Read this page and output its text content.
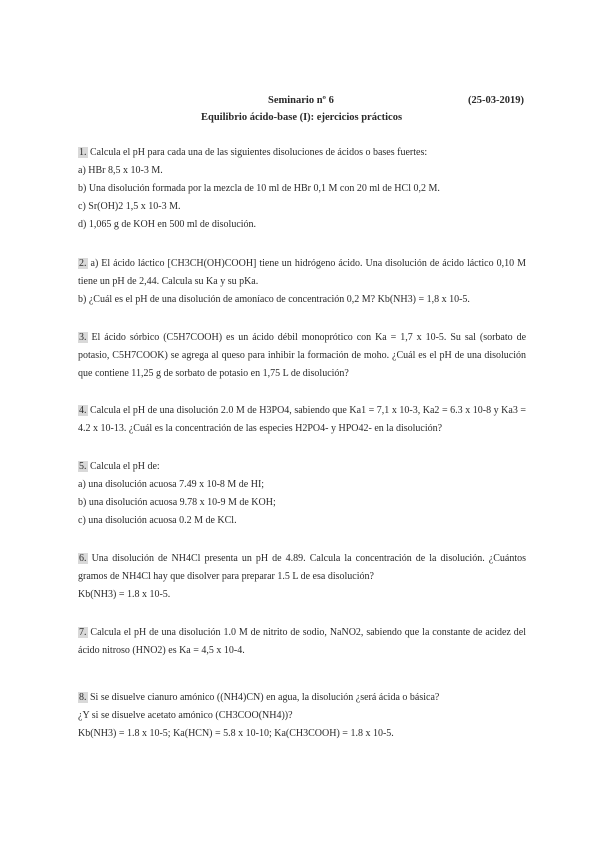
Seminario nº 6	(25-03-2019)
Equilibrio ácido-base (I): ejercicios prácticos
1. Calcula el pH para cada una de las siguientes disoluciones de ácidos o bases fuertes:
a) HBr 8,5 x 10-3 M.
b) Una disolución formada por la mezcla de 10 ml de HBr 0,1 M con 20 ml de HCl 0,2 M.
c) Sr(OH)2 1,5 x 10-3 M.
d) 1,065 g de KOH en 500 ml de disolución.
2. a) El ácido láctico [CH3CH(OH)COOH] tiene un hidrógeno ácido. Una disolución de ácido láctico 0,10 M tiene un pH de 2,44. Calcula su Ka y su pKa.
b) ¿Cuál es el pH de una disolución de amoníaco de concentración 0,2 M? Kb(NH3) = 1,8 x 10-5.
3. El ácido sórbico (C5H7COOH) es un ácido débil monoprótico con Ka = 1,7 x 10-5. Su sal (sorbato de potasio, C5H7COOK) se agrega al queso para inhibir la formación de moho. ¿Cuál es el pH de una disolución que contiene 11,25 g de sorbato de potasio en 1,75 L de disolución?
4. Calcula el pH de una disolución 2.0 M de H3PO4, sabiendo que Ka1 = 7,1 x 10-3, Ka2 = 6.3 x 10-8 y Ka3 = 4.2 x 10-13. ¿Cuál es la concentración de las especies H2PO4- y HPO42- en la disolución?
5. Calcula el pH de:
a) una disolución acuosa 7.49 x 10-8 M de HI;
b) una disolución acuosa 9.78 x 10-9 M de KOH;
c) una disolución acuosa 0.2 M de KCl.
6. Una disolución de NH4Cl presenta un pH de 4.89. Calcula la concentración de la disolución. ¿Cuántos gramos de NH4Cl hay que disolver para preparar 1.5 L de esa disolución?
Kb(NH3) = 1.8 x 10-5.
7. Calcula el pH de una disolución 1.0 M de nitrito de sodio, NaNO2, sabiendo que la constante de acidez del ácido nitroso (HNO2) es Ka = 4,5 x 10-4.
8. Si se disuelve cianuro amónico ((NH4)CN) en agua, la disolución ¿será ácida o básica?
¿Y si se disuelve acetato amónico (CH3COO(NH4))?
Kb(NH3) = 1.8 x 10-5; Ka(HCN) = 5.8 x 10-10; Ka(CH3COOH) = 1.8 x 10-5.
